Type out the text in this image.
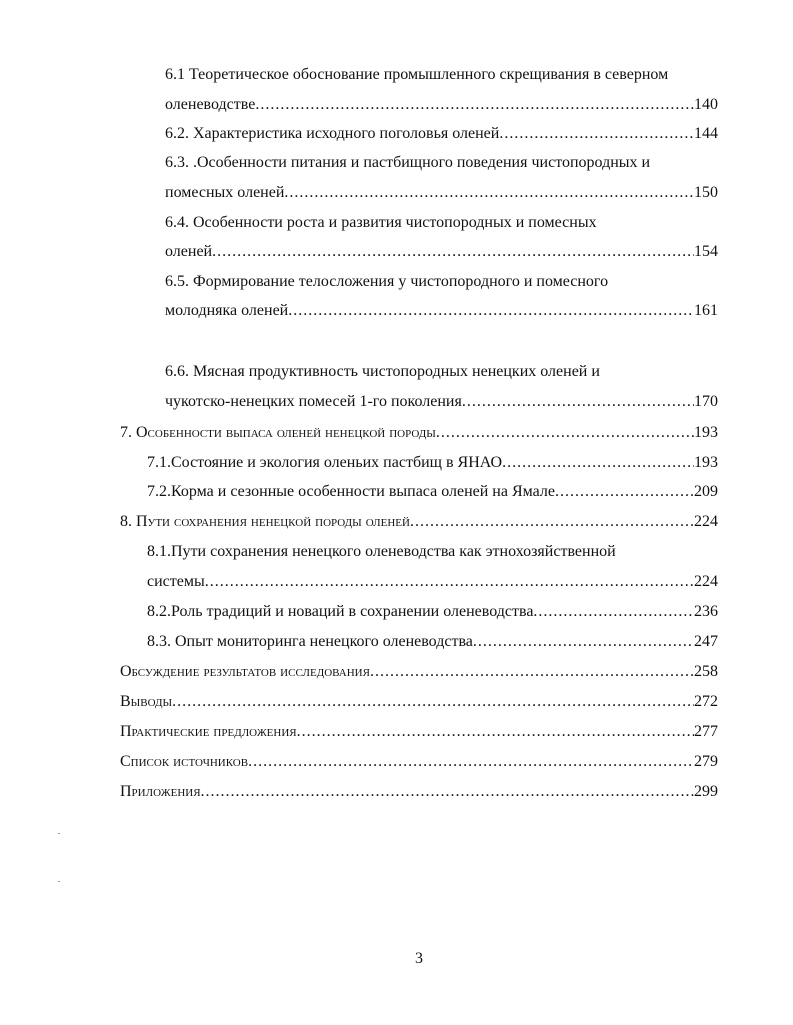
6.1 Теоретическое обоснование промышленного скрещивания в северном
оленеводстве .....	140
6.2. Характеристика исходного поголовья оленей .....	144
6.3. .Особенности питания и пастбищного поведения чистопородных и
помесных оленей .....	150
6.4. Особенности роста и развития чистопородных и помесных
оленей .....	154
6.5. Формирование телосложения у чистопородного и помесного
молодняка оленей .....	161
6.6. Мясная продуктивность чистопородных ненецких оленей и
чукотско-ненецких помесей 1-го поколения .....	170
7. Особенности выпаса оленей ненецкой породы .....	193
7.1.Состояние и экология оленьих пастбищ в ЯНАО .....	193
7.2.Корма и сезонные особенности выпаса оленей на Ямале .....	209
8. Пути сохранения ненецкой породы оленей .....	224
8.1.Пути сохранения ненецкого оленеводства как этнохозяйственной
системы .....	224
8.2.Роль традиций и новаций в сохранении оленеводства .....	236
8.3. Опыт мониторинга ненецкого оленеводства .....	247
Обсуждение результатов исследования .....	258
Выводы .....	272
Практические предложения .....	277
Список источников .....	279
Приложения .....	299
3
